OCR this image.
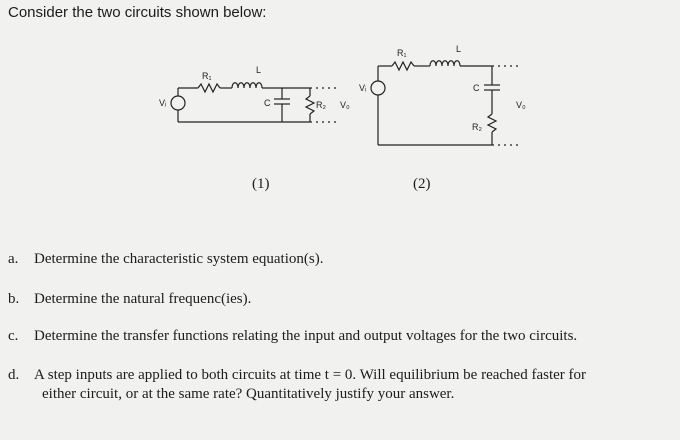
Consider the two circuits shown below:
Vᵢ
R₁
L
C	R₂ V₀
Vᵢ
R₁	L
C
R₂
V₀
(1)	(2)
a. Determine the characteristic system equation(s).
b. Determine the natural frequenc(ies).
c. Determine the transfer functions relating the input and output voltages for the two circuits.
d. A step inputs are applied to both circuits at time t = 0. Will equilibrium be reached faster for
either circuit, or at the same rate? Quantitatively justify your answer.
